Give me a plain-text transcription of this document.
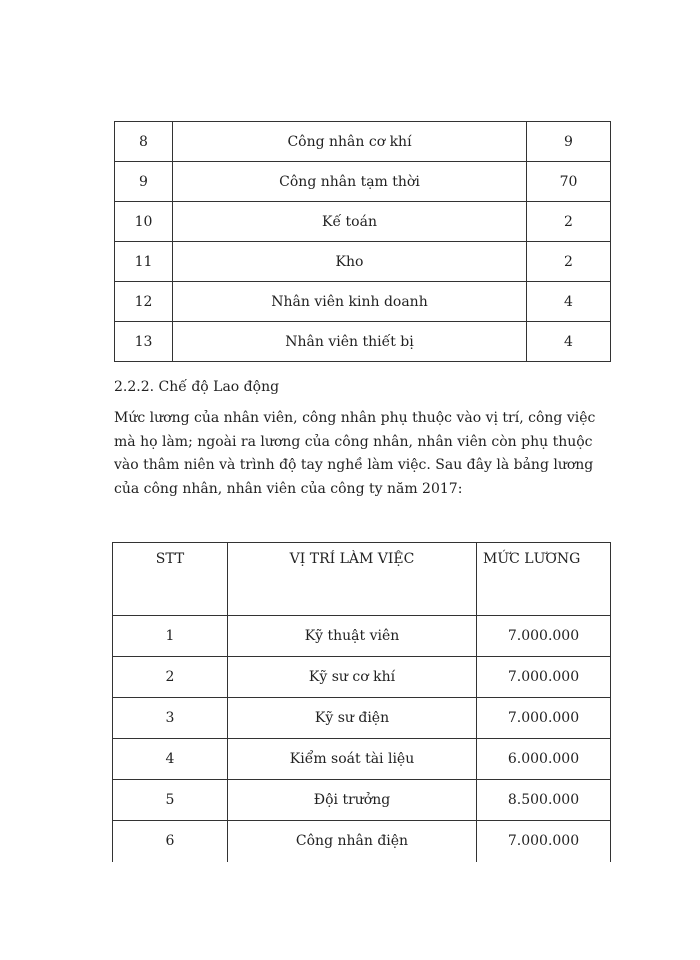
8	Công nhân cơ khí	9
9	Công nhân tạm thời	70
10	Kế toán	2
11	Kho	2
12	Nhân viên kinh doanh	4
13	Nhân viên thiết bị	4
2.2.2. Chế độ Lao động

Mức lương của nhân viên, công nhân phụ thuộc vào vị trí, công việc mà họ làm; ngoài ra lương của công nhân, nhân viên còn phụ thuộc vào thâm niên và trình độ tay nghề làm việc. Sau đây là bảng lương của công nhân, nhân viên của công ty năm 2017:

STT	VỊ TRÍ LÀM VIỆC	MỨC LƯƠNG
1	Kỹ thuật viên	7.000.000
2	Kỹ sư cơ khí	7.000.000
3	Kỹ sư điện	7.000.000
4	Kiểm soát tài liệu	6.000.000
5	Đội trưởng	8.500.000
6	Công nhân điện	7.000.000
